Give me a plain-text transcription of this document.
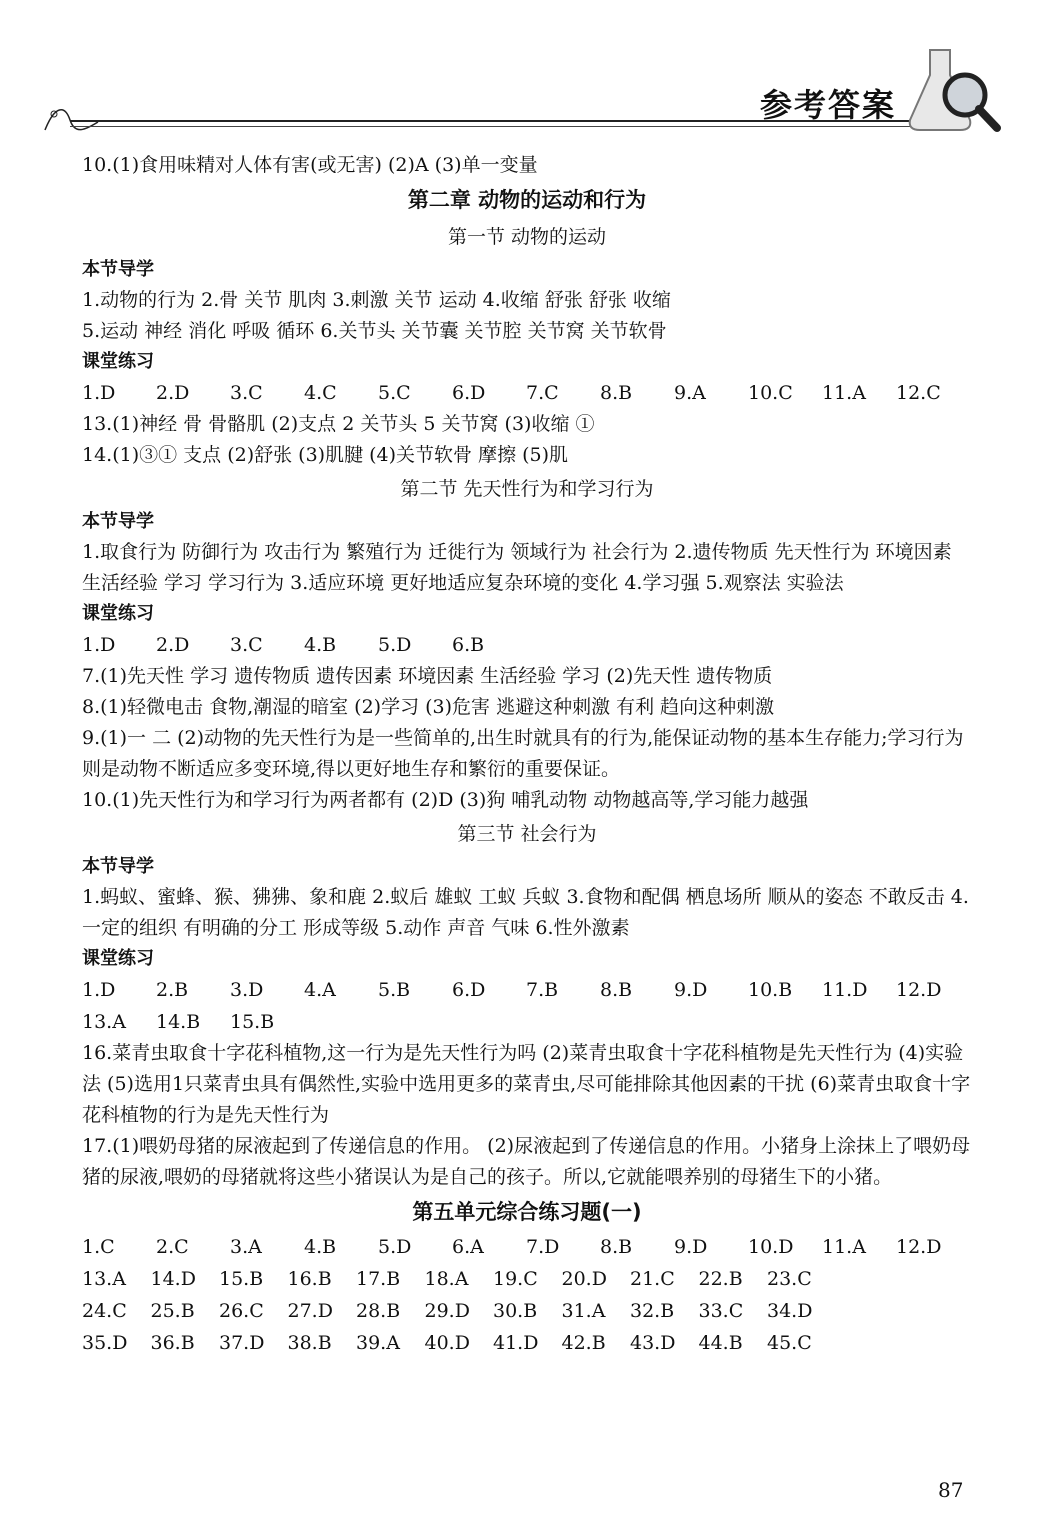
参考答案
10.(1)食用味精对人体有害(或无害) (2)A (3)单一变量
第二章 动物的运动和行为
第一节 动物的运动
本节导学
1.动物的行为 2.骨 关节 肌肉 3.刺激 关节 运动 4.收缩 舒张 舒张 收缩
5.运动 神经 消化 呼吸 循环 6.关节头 关节囊 关节腔 关节窝 关节软骨
课堂练习
1.D	2.D	3.C	4.C	5.C	6.D	7.C	8.B	9.A	10.C	11.A	12.C
13.(1)神经 骨 骨骼肌 (2)支点 2 关节头 5 关节窝 (3)收缩 ①
14.(1)③① 支点 (2)舒张 (3)肌腱 (4)关节软骨 摩擦 (5)肌
第二节 先天性行为和学习行为
本节导学
1.取食行为 防御行为 攻击行为 繁殖行为 迁徙行为 领域行为 社会行为 2.遗传物质 先天性行为 环境因素 生活经验 学习 学习行为 3.适应环境 更好地适应复杂环境的变化 4.学习强 5.观察法 实验法
课堂练习
1.D	2.D	3.C	4.B	5.D	6.B
7.(1)先天性 学习 遗传物质 遗传因素 环境因素 生活经验 学习 (2)先天性 遗传物质
8.(1)轻微电击 食物,潮湿的暗室 (2)学习 (3)危害 逃避这种刺激 有利 趋向这种刺激
9.(1)一 二 (2)动物的先天性行为是一些简单的,出生时就具有的行为,能保证动物的基本生存能力;学习行为则是动物不断适应多变环境,得以更好地生存和繁衍的重要保证。
10.(1)先天性行为和学习行为两者都有 (2)D (3)狗 哺乳动物 动物越高等,学习能力越强
第三节 社会行为
本节导学
1.蚂蚁、蜜蜂、猴、狒狒、象和鹿 2.蚁后 雄蚁 工蚁 兵蚁 3.食物和配偶 栖息场所 顺从的姿态 不敢反击 4.一定的组织 有明确的分工 形成等级 5.动作 声音 气味 6.性外激素
课堂练习
1.D	2.B	3.D	4.A	5.B	6.D	7.B	8.B	9.D	10.B	11.D	12.D
13.A	14.B	15.B
16.菜青虫取食十字花科植物,这一行为是先天性行为吗 (2)菜青虫取食十字花科植物是先天性行为 (4)实验法 (5)选用1只菜青虫具有偶然性,实验中选用更多的菜青虫,尽可能排除其他因素的干扰 (6)菜青虫取食十字花科植物的行为是先天性行为
17.(1)喂奶母猪的尿液起到了传递信息的作用。 (2)尿液起到了传递信息的作用。小猪身上涂抹上了喂奶母猪的尿液,喂奶的母猪就将这些小猪误认为是自己的孩子。所以,它就能喂养别的母猪生下的小猪。
第五单元综合练习题(一)
1.C	2.C	3.A	4.B	5.D	6.A	7.D	8.B	9.D	10.D	11.A	12.D
13.A	14.D	15.B	16.B	17.B	18.A	19.C	20.D	21.C	22.B	23.C
24.C	25.B	26.C	27.D	28.B	29.D	30.B	31.A	32.B	33.C	34.D
35.D	36.B	37.D	38.B	39.A	40.D	41.D	42.B	43.D	44.B	45.C
87
